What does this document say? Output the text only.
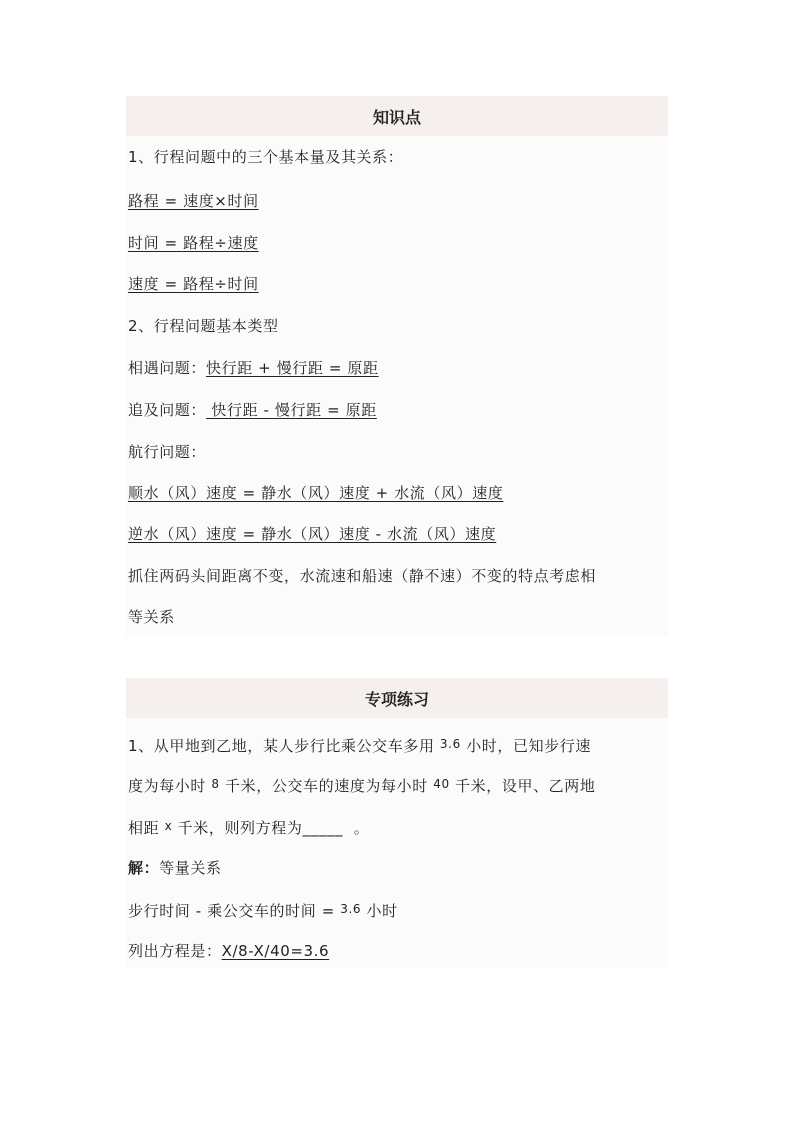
知识点
1、行程问题中的三个基本量及其关系：
路程 = 速度×时间
时间 = 路程÷速度
速度 = 路程÷时间
2、行程问题基本类型
相遇问题：快行距 + 慢行距 = 原距
追及问题： 快行距 - 慢行距 = 原距
航行问题：
顺水（风）速度 = 静水（风）速度 + 水流（风）速度
逆水（风）速度 = 静水（风）速度 - 水流（风）速度
抓住两码头间距离不变，水流速和船速（静不速）不变的特点考虑相
等关系
专项练习
1、从甲地到乙地，某人步行比乘公交车多用 $^{3.6}$ 小时，已知步行速
度为每小时 $^8$ 千米，公交车的速度为每小时 $^{40}$ 千米，设甲、乙两地
相距 $^x$ 千米，则列方程为_____  。
解：等量关系
步行时间 - 乘公交车的时间 = $^{3.6}$ 小时
列出方程是：X/8-X/40=3.6
